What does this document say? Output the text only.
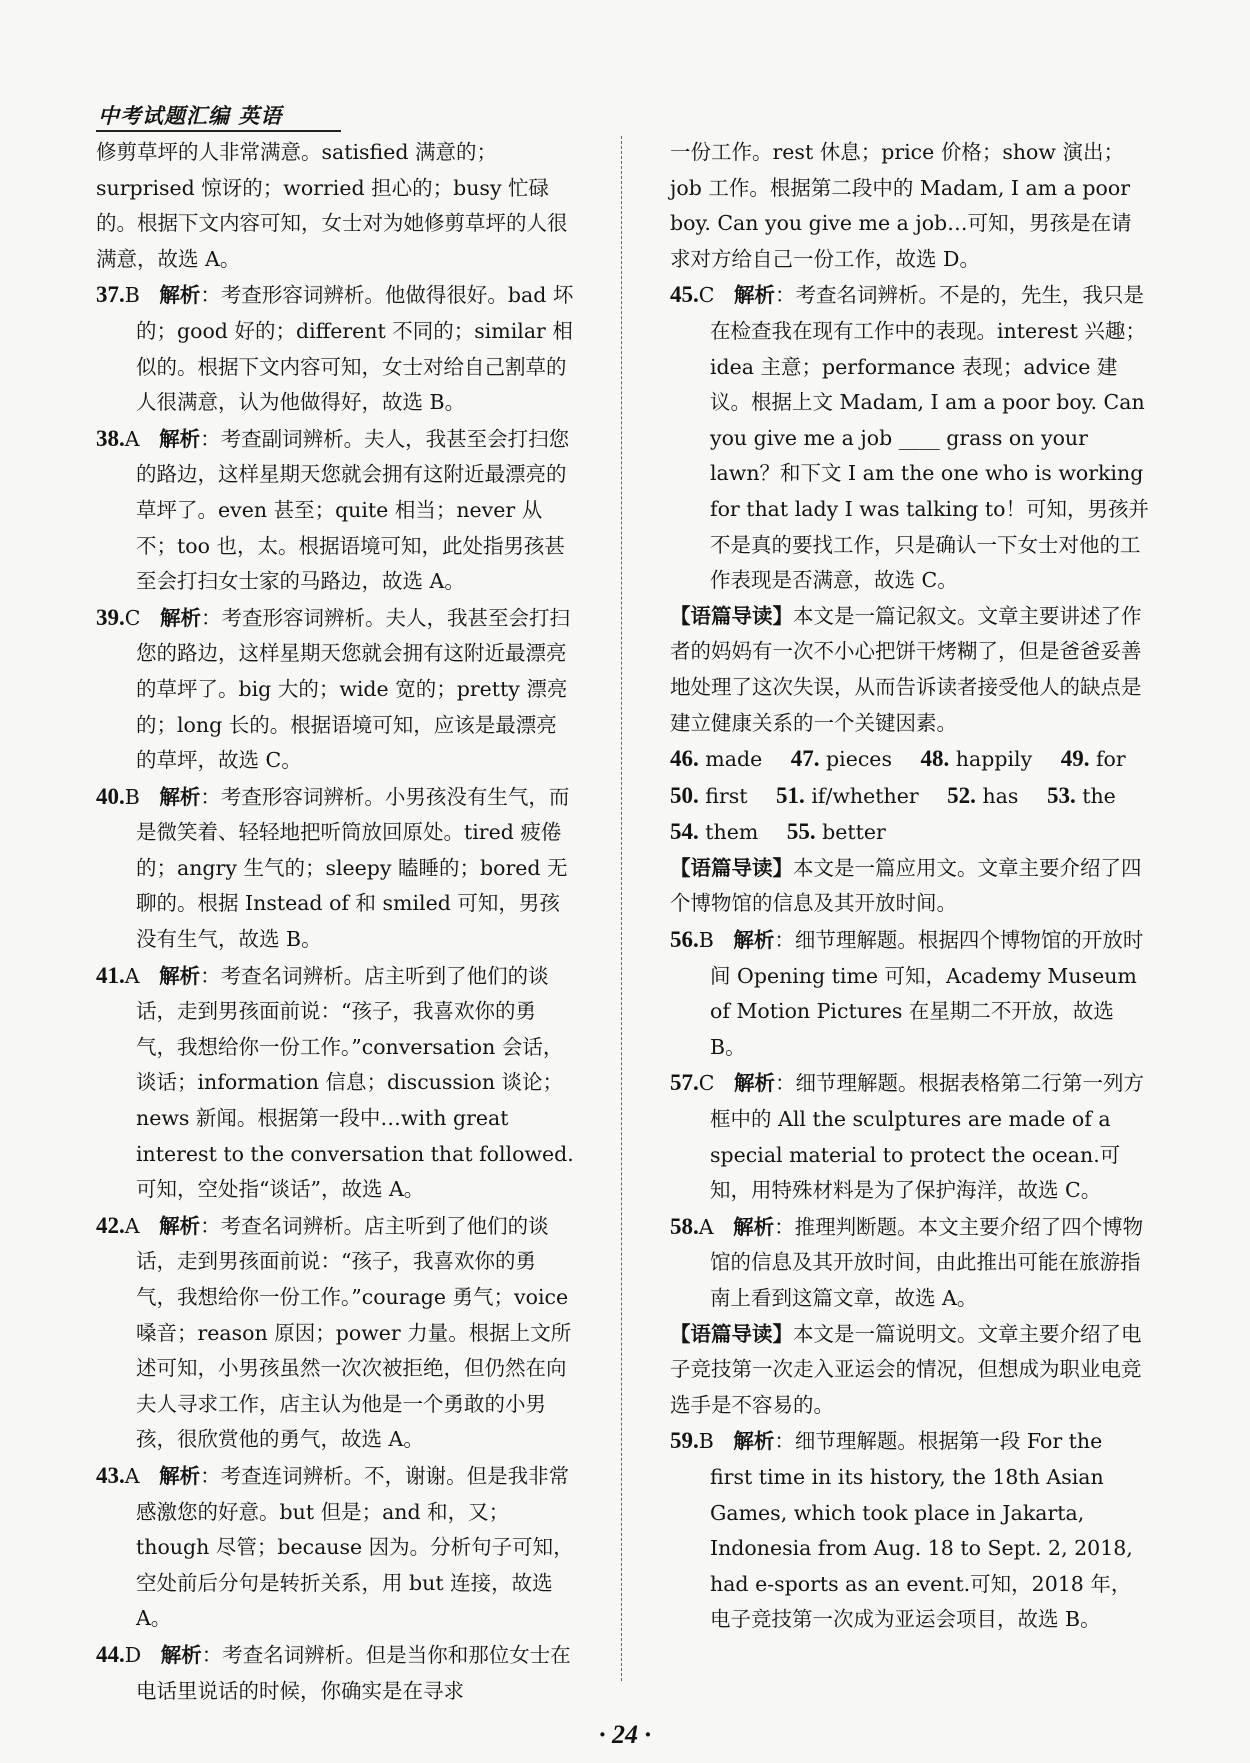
中考试题汇编 英语

修剪草坪的人非常满意。satisfied 满意的；surprised 惊讶的；worried 担心的；busy 忙碌的。根据下文内容可知，女士对为她修剪草坪的人很满意，故选 A。

37.B 解析：考查形容词辨析。他做得很好。bad 坏的；good 好的；different 不同的；similar 相似的。根据下文内容可知，女士对给自己割草的人很满意，认为他做得好，故选 B。

38.A 解析：考查副词辨析。夫人，我甚至会打扫您的路边，这样星期天您就会拥有这附近最漂亮的草坪了。even 甚至；quite 相当；never 从不；too 也，太。根据语境可知，此处指男孩甚至会打扫女士家的马路边，故选 A。

39.C 解析：考查形容词辨析。夫人，我甚至会打扫您的路边，这样星期天您就会拥有这附近最漂亮的草坪了。big 大的；wide 宽的；pretty 漂亮的；long 长的。根据语境可知，应该是最漂亮的草坪，故选 C。

40.B 解析：考查形容词辨析。小男孩没有生气，而是微笑着、轻轻地把听筒放回原处。tired 疲倦的；angry 生气的；sleepy 瞌睡的；bored 无聊的。根据 Instead of 和 smiled 可知，男孩没有生气，故选 B。

41.A 解析：考查名词辨析。店主听到了他们的谈话，走到男孩面前说：“孩子，我喜欢你的勇气，我想给你一份工作。”conversation 会话，谈话；information 信息；discussion 谈论；news 新闻。根据第一段中…with great interest to the conversation that followed.可知，空处指“谈话”，故选 A。

42.A 解析：考查名词辨析。店主听到了他们的谈话，走到男孩面前说：“孩子，我喜欢你的勇气，我想给你一份工作。”courage 勇气；voice 嗓音；reason 原因；power 力量。根据上文所述可知，小男孩虽然一次次被拒绝，但仍然在向夫人寻求工作，店主认为他是一个勇敢的小男孩，很欣赏他的勇气，故选 A。

43.A 解析：考查连词辨析。不，谢谢。但是我非常感激您的好意。but 但是；and 和，又；though 尽管；because 因为。分析句子可知，空处前后分句是转折关系，用 but 连接，故选 A。

44.D 解析：考查名词辨析。但是当你和那位女士在电话里说话的时候，你确实是在寻求

一份工作。rest 休息；price 价格；show 演出；job 工作。根据第二段中的 Madam, I am a poor boy. Can you give me a job…可知，男孩是在请求对方给自己一份工作，故选 D。

45.C 解析：考查名词辨析。不是的，先生，我只是在检查我在现有工作中的表现。interest 兴趣；idea 主意；performance 表现；advice 建议。根据上文 Madam, I am a poor boy. Can you give me a job ____ grass on your lawn？和下文 I am the one who is working for that lady I was talking to！可知，男孩并不是真的要找工作，只是确认一下女士对他的工作表现是否满意，故选 C。

【语篇导读】本文是一篇记叙文。文章主要讲述了作者的妈妈有一次不小心把饼干烤糊了，但是爸爸妥善地处理了这次失误，从而告诉读者接受他人的缺点是建立健康关系的一个关键因素。

46. made 47. pieces 48. happily 49. for
50. first 51. if/whether 52. has 53. the
54. them 55. better

【语篇导读】本文是一篇应用文。文章主要介绍了四个博物馆的信息及其开放时间。

56.B 解析：细节理解题。根据四个博物馆的开放时间 Opening time 可知，Academy Museum of Motion Pictures 在星期二不开放，故选 B。

57.C 解析：细节理解题。根据表格第二行第一列方框中的 All the sculptures are made of a special material to protect the ocean.可知，用特殊材料是为了保护海洋，故选 C。

58.A 解析：推理判断题。本文主要介绍了四个博物馆的信息及其开放时间，由此推出可能在旅游指南上看到这篇文章，故选 A。

【语篇导读】本文是一篇说明文。文章主要介绍了电子竞技第一次走入亚运会的情况，但想成为职业电竞选手是不容易的。

59.B 解析：细节理解题。根据第一段 For the first time in its history, the 18th Asian Games, which took place in Jakarta, Indonesia from Aug. 18 to Sept. 2, 2018, had e-sports as an event.可知，2018 年，电子竞技第一次成为亚运会项目，故选 B。

· 24 ·
